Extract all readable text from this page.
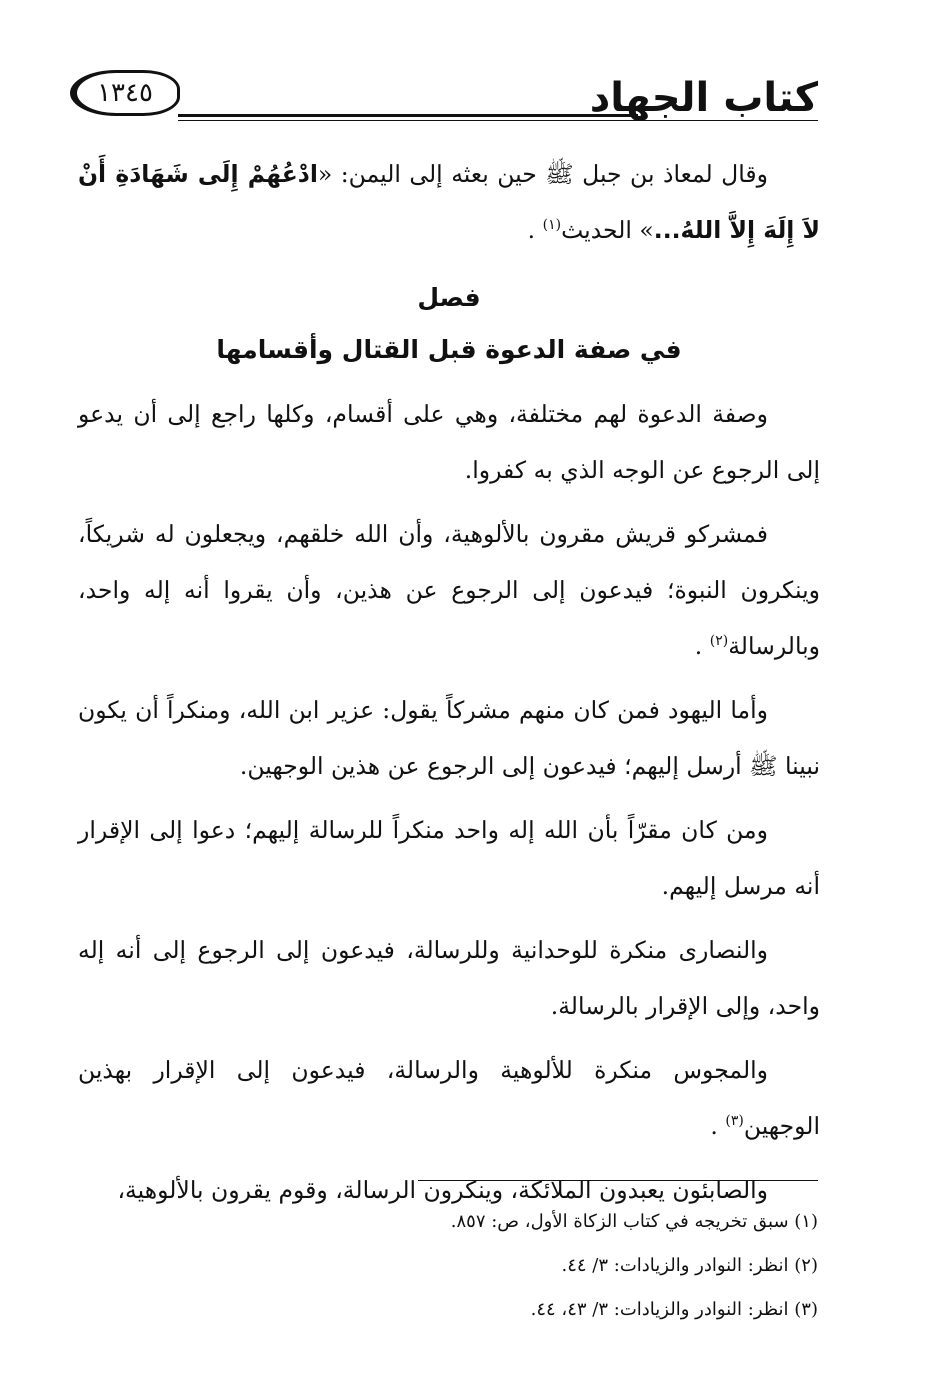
كتاب الجهاد
١٣٤٥

وقال لمعاذ بن جبل ﷺ حين بعثه إلى اليمن: «ادْعُهُمْ إِلَى شَهَادَةِ أَنْ لاَ إِلَهَ إِلاَّ اللهُ...» الحديث$^{(١)}$ .

فصل
في صفة الدعوة قبل القتال وأقسامها

وصفة الدعوة لهم مختلفة، وهي على أقسام، وكلها راجع إلى أن يدعو إلى الرجوع عن الوجه الذي به كفروا.

فمشركو قريش مقرون بالألوهية، وأن الله خلقهم، ويجعلون له شريكاً، وينكرون النبوة؛ فيدعون إلى الرجوع عن هذين، وأن يقروا أنه إله واحد، وبالرسالة$^{(٢)}$ .

وأما اليهود فمن كان منهم مشركاً يقول: عزير ابن الله، ومنكراً أن يكون نبينا ﷺ أرسل إليهم؛ فيدعون إلى الرجوع عن هذين الوجهين.

ومن كان مقرّاً بأن الله إله واحد منكراً للرسالة إليهم؛ دعوا إلى الإقرار أنه مرسل إليهم.

والنصارى منكرة للوحدانية وللرسالة، فيدعون إلى الرجوع إلى أنه إله واحد، وإلى الإقرار بالرسالة.

والمجوس منكرة للألوهية والرسالة، فيدعون إلى الإقرار بهذين الوجهين$^{(٣)}$ .

والصابئون يعبدون الملائكة، وينكرون الرسالة، وقوم يقرون بالألوهية،

(١) سبق تخريجه في كتاب الزكاة الأول، ص: ٨٥٧.

(٢) انظر: النوادر والزيادات: ٣/ ٤٤.

(٣) انظر: النوادر والزيادات: ٣/ ٤٣، ٤٤.
